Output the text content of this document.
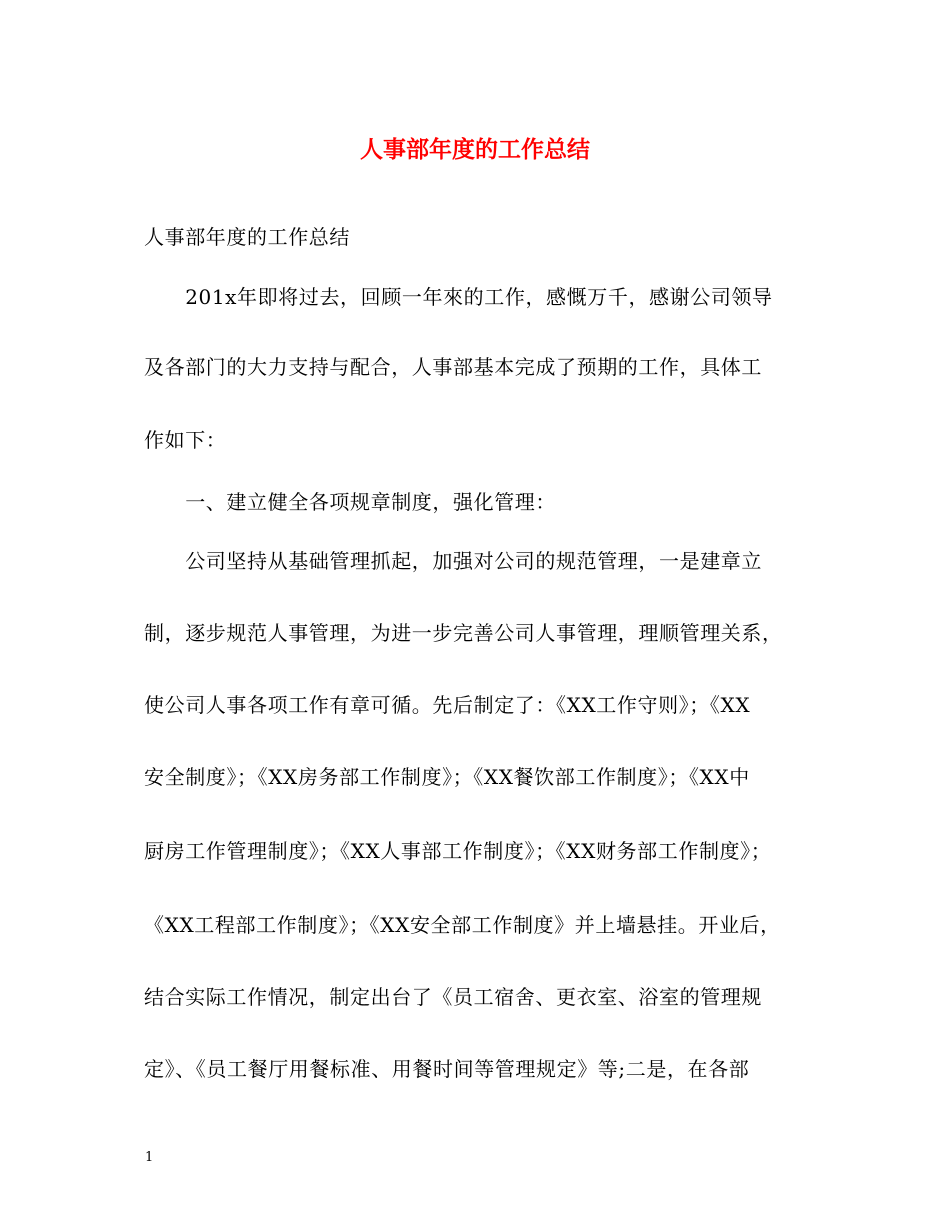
人事部年度的工作总结
人事部年度的工作总结
　　201x年即将过去，回顾一年來的工作，感慨万千，感谢公司领导
及各部门的大力支持与配合，人事部基本完成了预期的工作，具体工
作如下：
　　一、建立健全各项规章制度，强化管理：
　　公司坚持从基础管理抓起，加强对公司的规范管理，一是建章立
制，逐步规范人事管理，为进一步完善公司人事管理，理顺管理关系，
使公司人事各项工作有章可循。先后制定了：《XX工作守则》；《XX
安全制度》；《XX房务部工作制度》；《XX餐饮部工作制度》；《XX中
厨房工作管理制度》；《XX人事部工作制度》；《XX财务部工作制度》；
《XX工程部工作制度》；《XX安全部工作制度》并上墙悬挂。开业后，
结合实际工作情况，制定出台了《员工宿舍、更衣室、浴室的管理规
定》、《员工餐厅用餐标准、用餐时间等管理规定》等;二是，在各部
1
